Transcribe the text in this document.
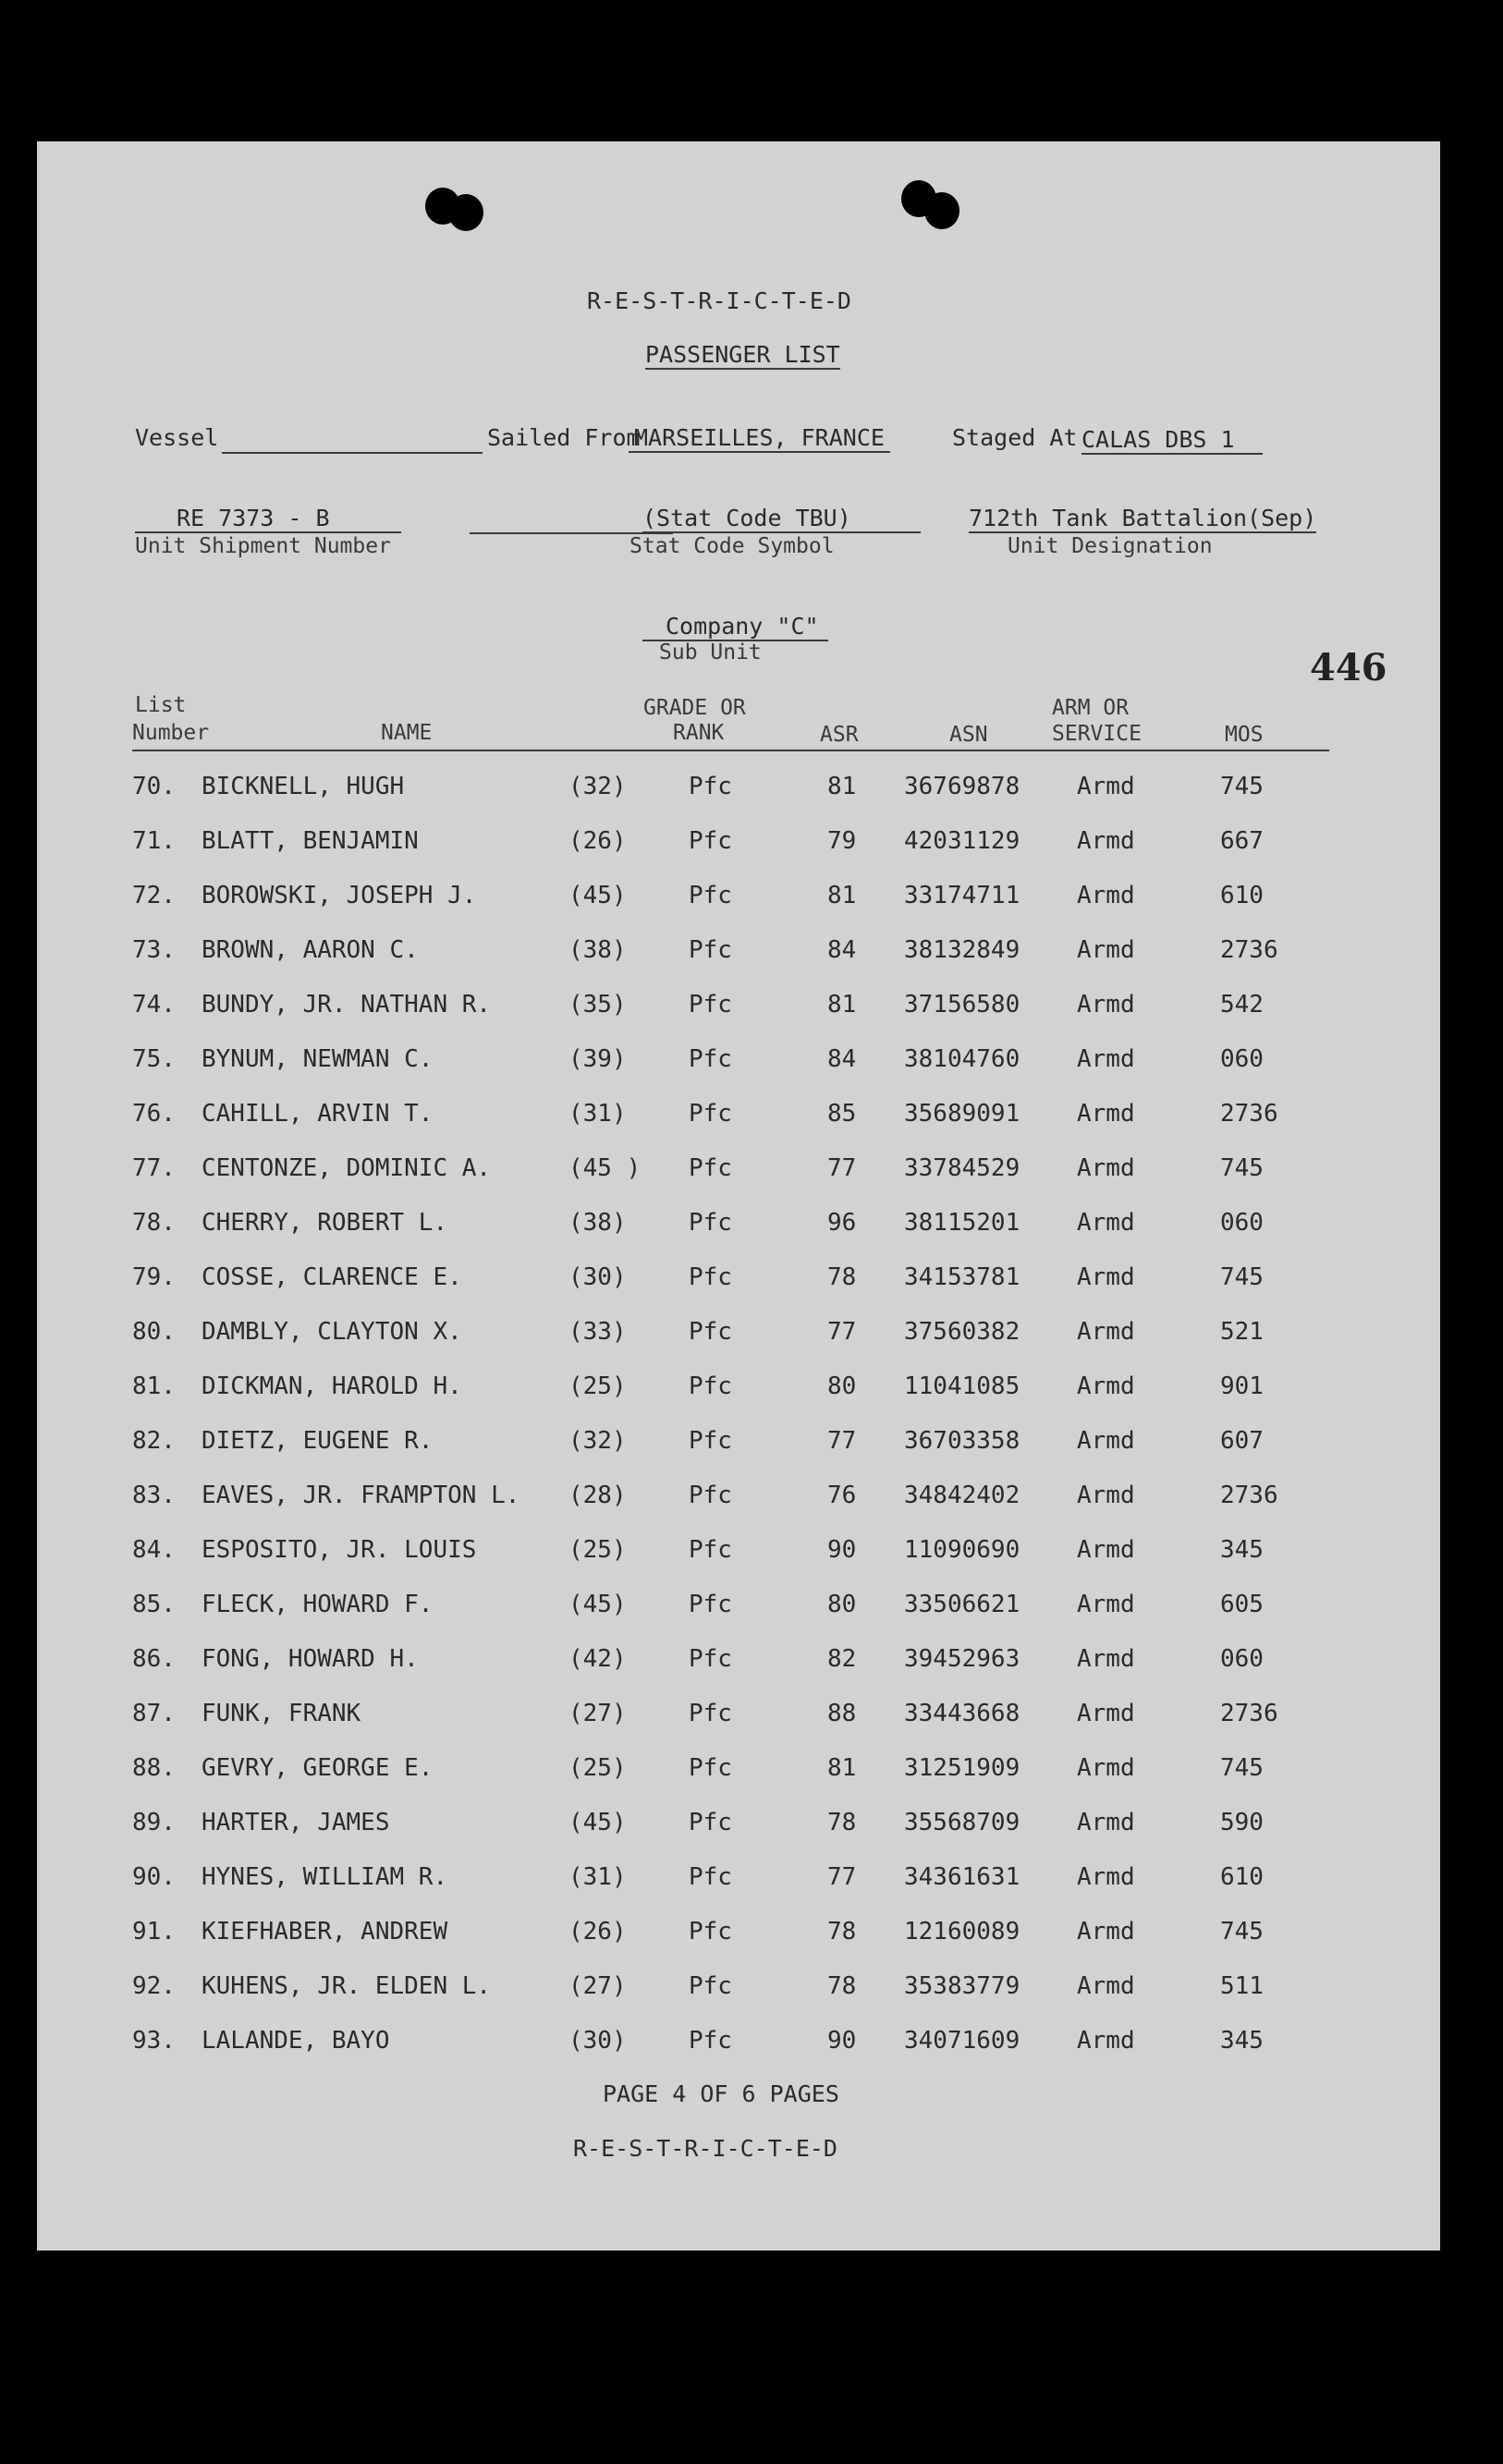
R-E-S-T-R-I-C-T-E-D
PASSENGER LIST
Vessel	Sailed From
MARSEILLES, FRANCE	Staged At CALAS DBS 1
RE 7373 - B
Unit Shipment Number
(Stat Code TBU)
Stat Code Symbol
712th Tank Battalion(Sep)
Unit Designation
Company "C"
Sub Unit	446
List
Number	NAME
GRADE OR
RANK	ASR	ASN
ARM OR
SERVICE	MOS
70. BICKNELL, HUGH	(32)	Pfc	81 36769878 Armd	745
71. BLATT, BENJAMIN	(26)	Pfc	79 42031129 Armd	667
72. BOROWSKI, JOSEPH J.	(45)	Pfc	81 33174711 Armd	610
73. BROWN, AARON C.	(38)	Pfc	84 38132849 Armd	2736
74. BUNDY, JR. NATHAN R.	(35)	Pfc	81 37156580 Armd	542
75. BYNUM, NEWMAN C.	(39)	Pfc	84 38104760 Armd	060
76. CAHILL, ARVIN T.	(31)	Pfc	85 35689091 Armd	2736
77. CENTONZE, DOMINIC A.	(45 ) Pfc	77 33784529 Armd	745
78. CHERRY, ROBERT L.	(38)	Pfc	96 38115201 Armd	060
79. COSSE, CLARENCE E.	(30)	Pfc	78 34153781 Armd	745
80. DAMBLY, CLAYTON X.	(33)	Pfc	77 37560382 Armd	521
81. DICKMAN, HAROLD H.	(25)	Pfc	80 11041085 Armd	901
82. DIETZ, EUGENE R.	(32)	Pfc	77 36703358 Armd	607
83. EAVES, JR. FRAMPTON L. (28)	Pfc	76 34842402 Armd	2736
84. ESPOSITO, JR. LOUIS	(25)	Pfc	90 11090690 Armd	345
85. FLECK, HOWARD F.	(45)	Pfc	80 33506621 Armd	605
86. FONG, HOWARD H.	(42)	Pfc	82 39452963 Armd	060
87. FUNK, FRANK	(27)	Pfc	88 33443668 Armd	2736
88. GEVRY, GEORGE E.	(25)	Pfc	81 31251909 Armd	745
89. HARTER, JAMES	(45)	Pfc	78 35568709 Armd	590
90. HYNES, WILLIAM R.	(31)	Pfc	77 34361631 Armd	610
91. KIEFHABER, ANDREW	(26)	Pfc	78 12160089 Armd	745
92. KUHENS, JR. ELDEN L.	(27)	Pfc	78 35383779 Armd	511
93. LALANDE, BAYO	(30)	Pfc	90 34071609 Armd	345
PAGE 4 OF 6 PAGES
R-E-S-T-R-I-C-T-E-D
